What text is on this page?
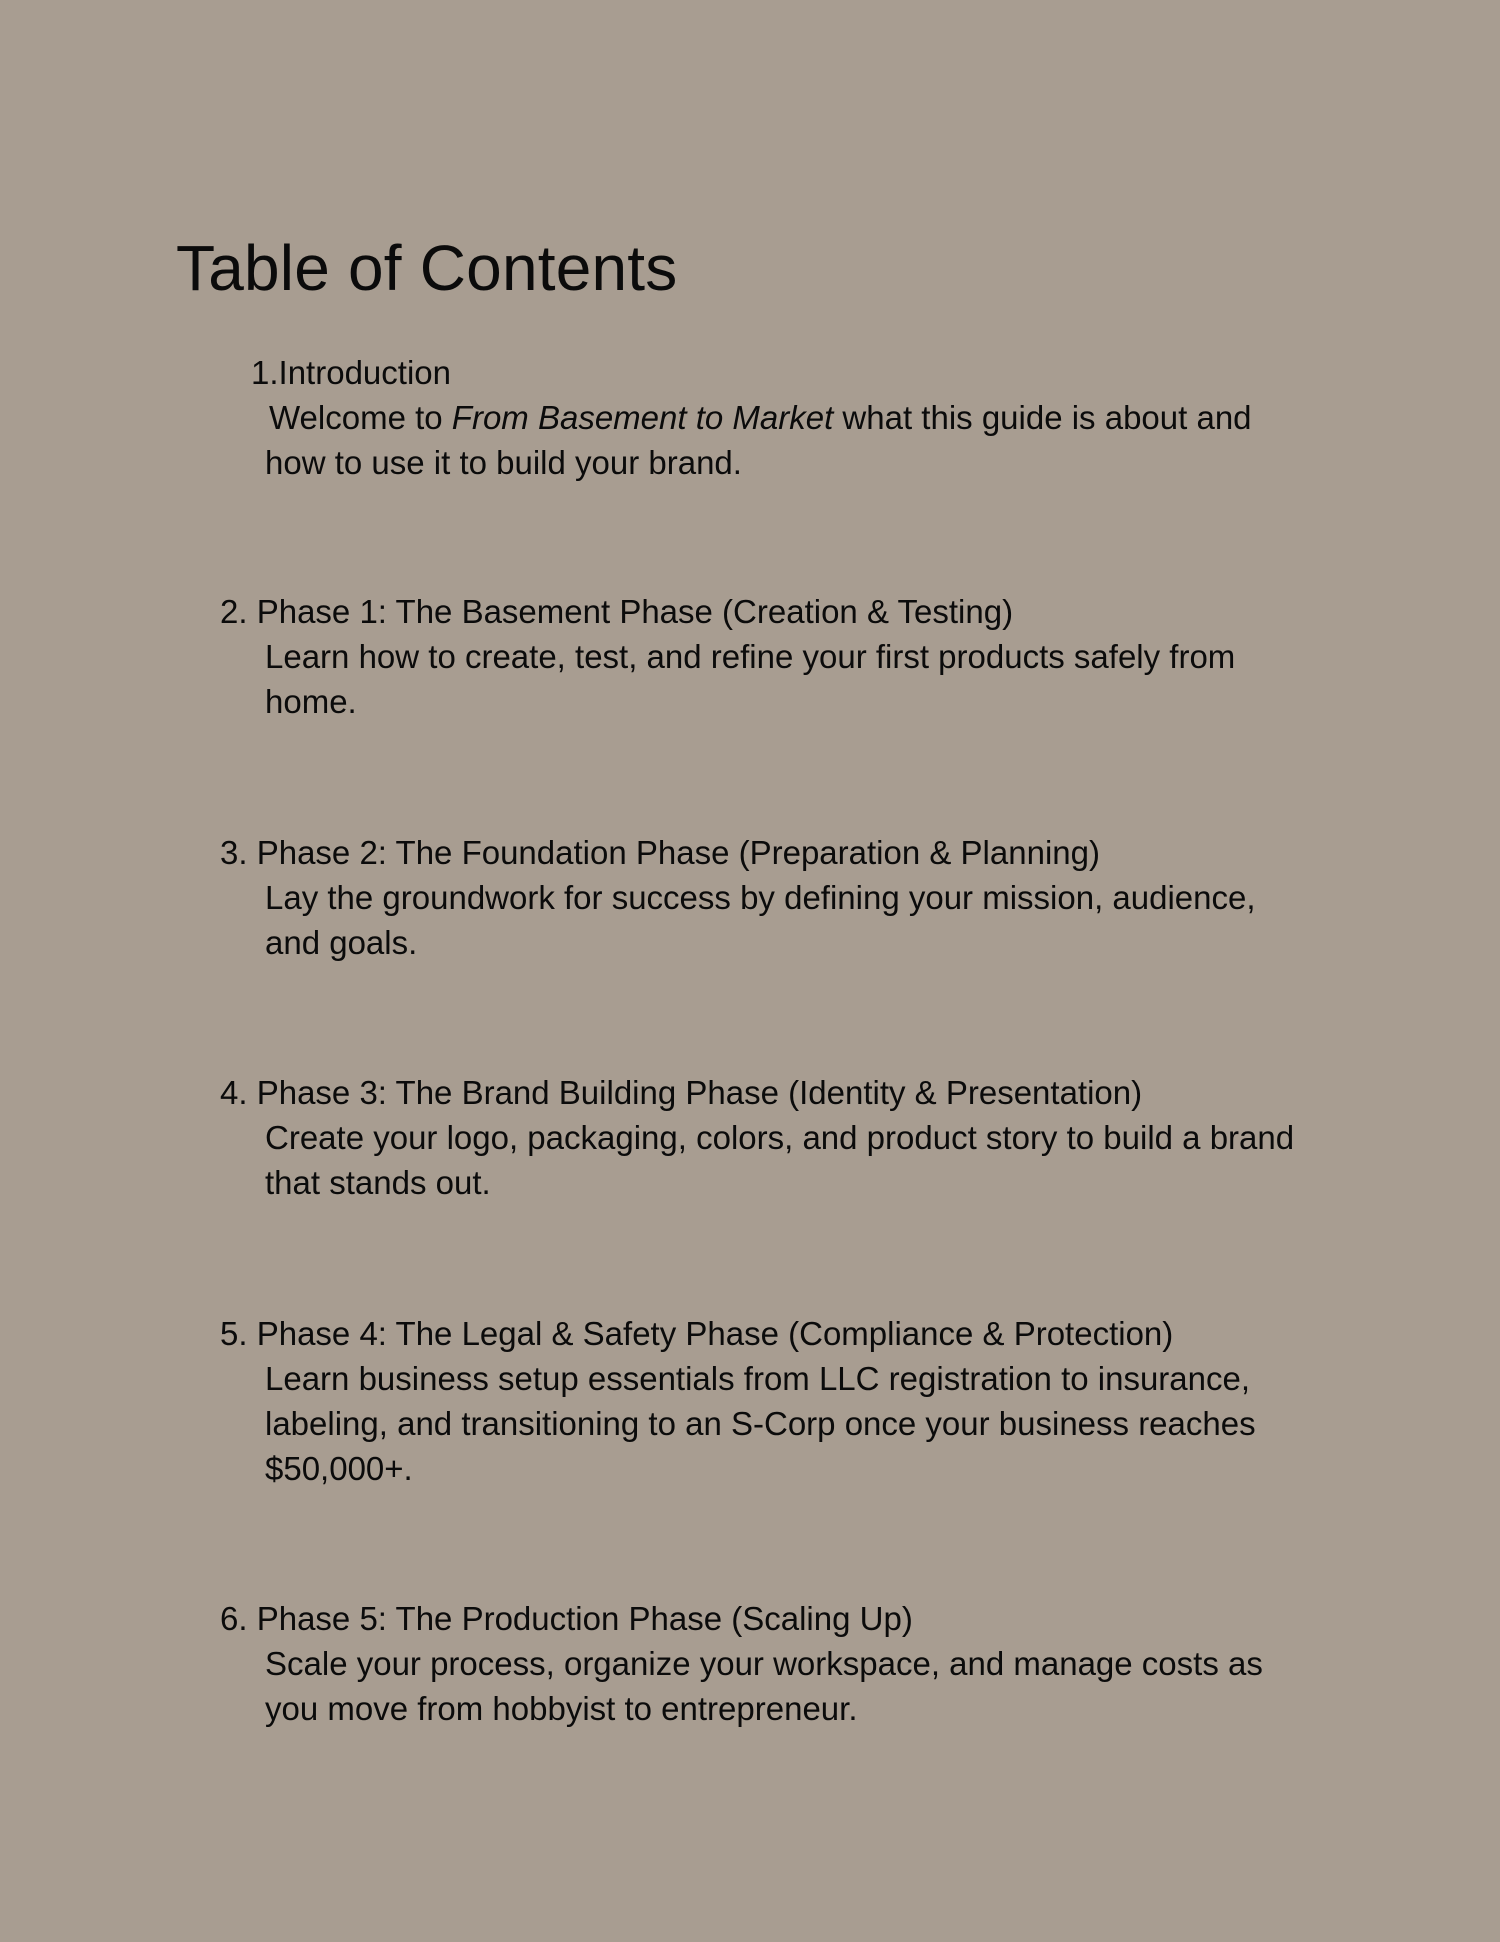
Table of Contents
1.Introduction
Welcome to From Basement to Market what this guide is about and how to use it to build your brand.
2. Phase 1: The Basement Phase (Creation & Testing)
Learn how to create, test, and refine your first products safely from home.
3. Phase 2: The Foundation Phase (Preparation & Planning)
Lay the groundwork for success by defining your mission, audience, and goals.
4. Phase 3: The Brand Building Phase (Identity & Presentation)
Create your logo, packaging, colors, and product story to build a brand that stands out.
5. Phase 4: The Legal & Safety Phase (Compliance & Protection)
Learn business setup essentials from LLC registration to insurance, labeling, and transitioning to an S-Corp once your business reaches $50,000+.
6. Phase 5: The Production Phase (Scaling Up)
Scale your process, organize your workspace, and manage costs as you move from hobbyist to entrepreneur.
